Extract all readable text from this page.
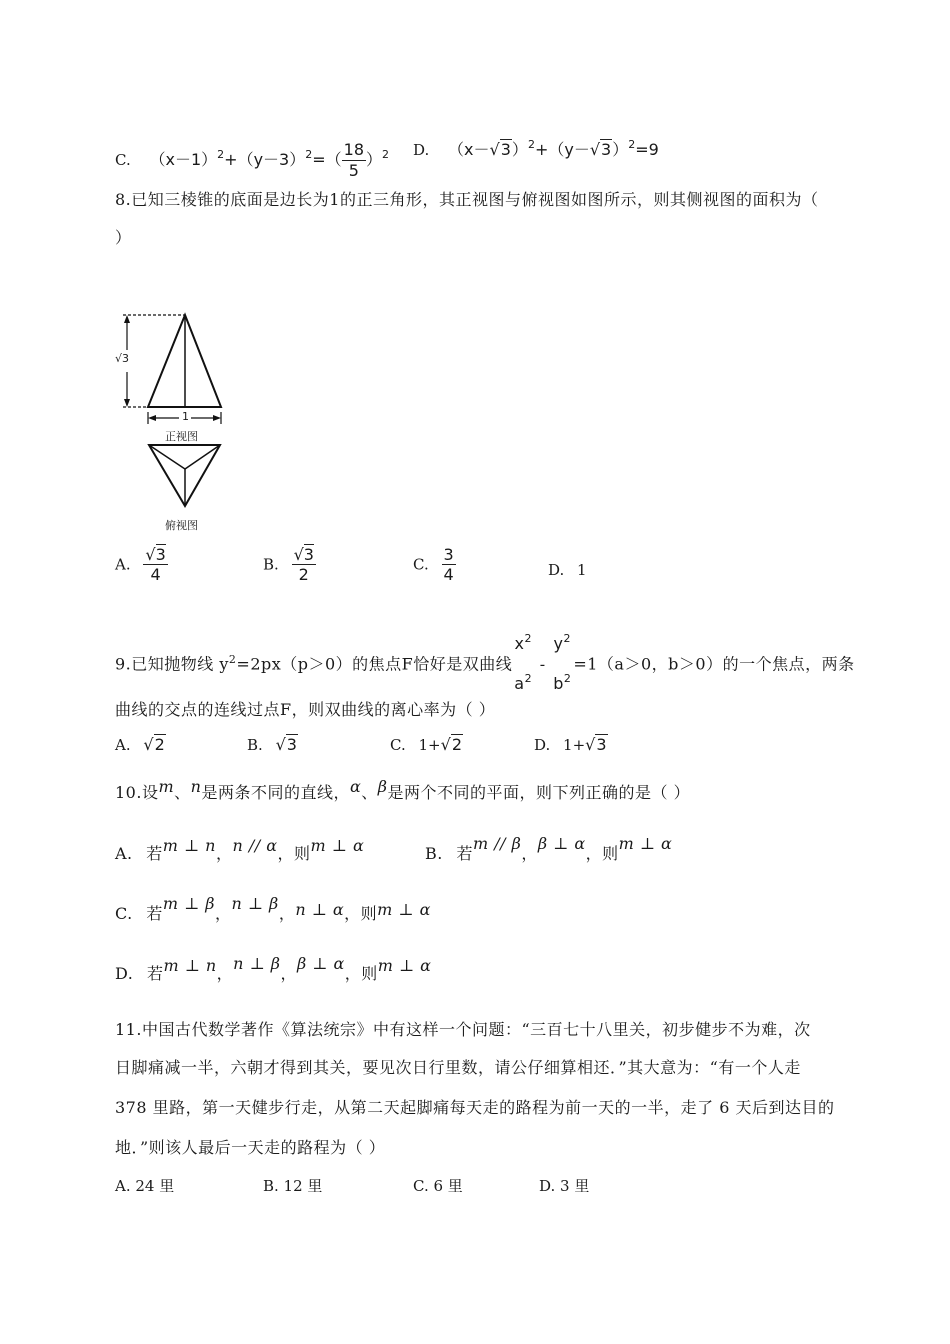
C. $(x-1)^2+(y-3)^2=( \frac{18}{5} )^2$ D. $(x-√3)^2+(y-√3)^2=9$
8.已知三棱锥的底面是边长为1的正三角形，其正视图与俯视图如图所示，则其侧视图的面积为（
）
√3
1
正视图
俯视图
A. $\frac{√3}{4}$	B. $\frac{√3}{2}$	C. $\frac{3}{4}$	D. 1
9.已知抛物线 $y^2=2px(p>0)$的焦点F恰好是双曲线
$x^2$
$a^2$
-
$y^2$
$b^2$
=1（a＞0，b＞0）的一个焦点，两条
曲线的交点的连线过点F，则双曲线的离心率为（ ）
A. √2	B. √3	C. 1+√2	D. 1+√3
10.设m、n是两条不同的直线，α、β是两个不同的平面，则下列正确的是（ ）
A. 若m ⊥ n，n // α，则m ⊥ α	B. 若m // β，β ⊥ α，则m ⊥ α
C. 若m ⊥ β，n ⊥ β，n ⊥ α，则m ⊥ α
D. 若m ⊥ n，n ⊥ β，β ⊥ α，则m ⊥ α
11.中国古代数学著作《算法统宗》中有这样一个问题：“三百七十八里关，初步健步不为难，次
日脚痛减一半，六朝才得到其关，要见次日行里数，请公仔细算相还．”其大意为：“有一个人走
378 里路，第一天健步行走，从第二天起脚痛每天走的路程为前一天的一半，走了 6 天后到达目的
地．”则该人最后一天走的路程为（ ）
A. 24 里	B. 12 里	C. 6 里	D. 3 里
